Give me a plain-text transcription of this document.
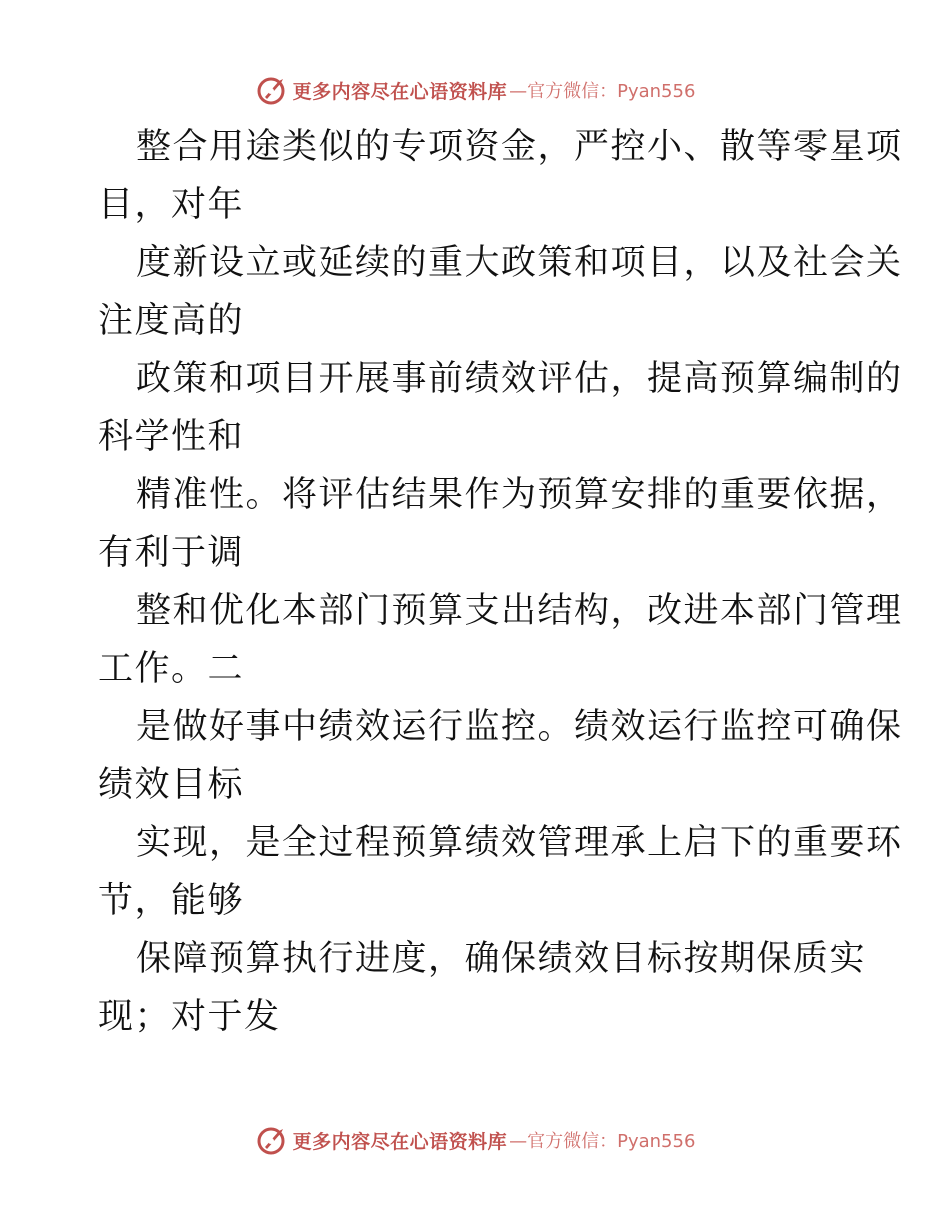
更多内容尽在心语资料库 —官方微信：Pyan556
整合用途类似的专项资金，严控小、散等零星项
目，对年
度新设立或延续的重大政策和项目，以及社会关
注度高的
政策和项目开展事前绩效评估，提高预算编制的
科学性和
精准性。将评估结果作为预算安排的重要依据，
有利于调
整和优化本部门预算支出结构，改进本部门管理
工作。二
是做好事中绩效运行监控。绩效运行监控可确保
绩效目标
实现，是全过程预算绩效管理承上启下的重要环
节，能够
保障预算执行进度，确保绩效目标按期保质实
现；对于发
更多内容尽在心语资料库 —官方微信：Pyan556
